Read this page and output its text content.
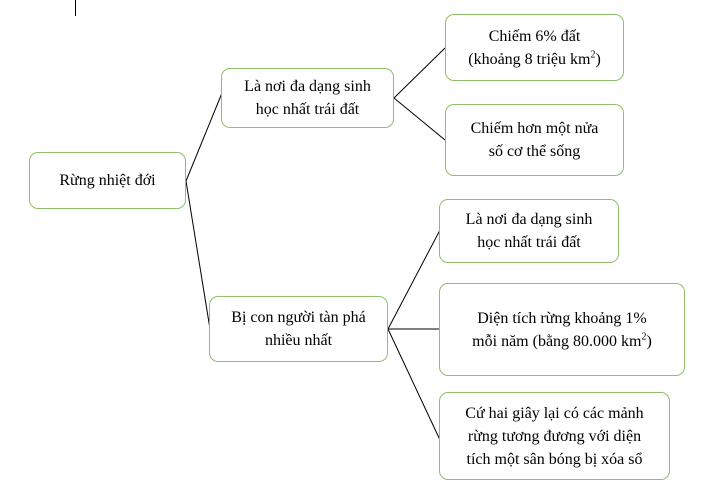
Rừng nhiệt đới
Là nơi đa dạng sinh
học nhất trái đất
Chiếm 6% đất
(khoảng 8 triệu $km^2$)
Chiếm hơn một nửa
số cơ thể sống
Bị con người tàn phá
nhiều nhất
Là nơi đa dạng sinh
học nhất trái đất
Diện tích rừng khoảng 1%
mỗi năm (bằng 80.000 $km^2$)
Cứ hai giây lại có các mảnh
rừng tương đương với diện
tích một sân bóng bị xóa sổ
